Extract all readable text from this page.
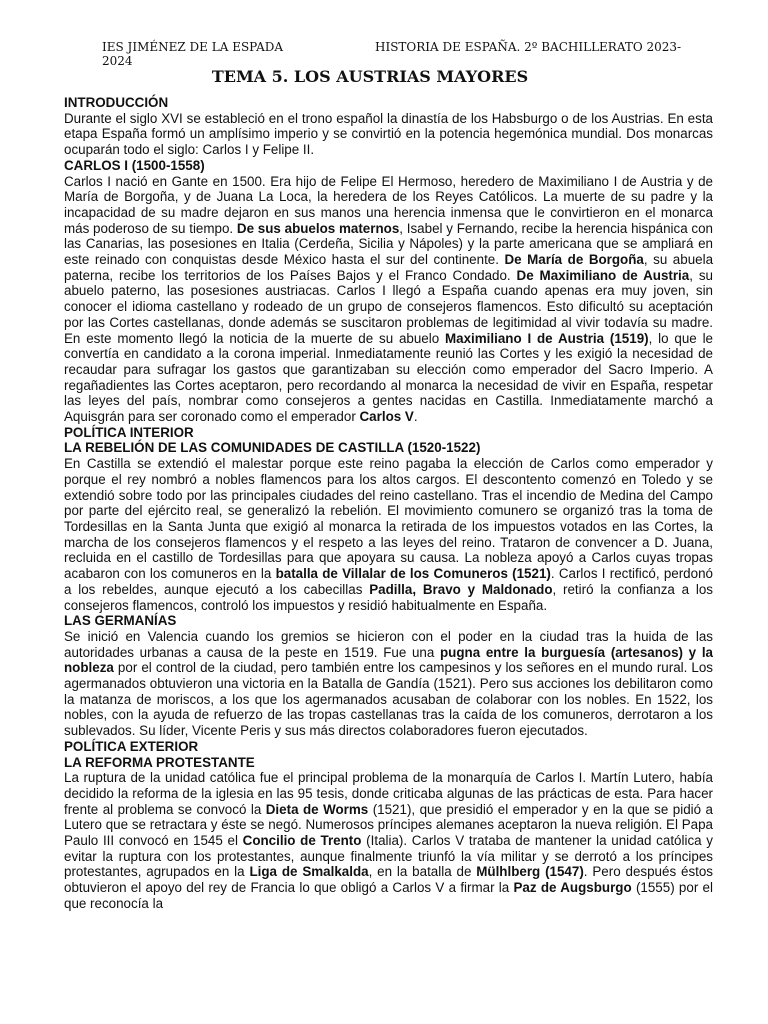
IES JIMÉNEZ DE LA ESPADA	HISTORIA DE ESPAÑA. 2º BACHILLERATO 2023-
2024
TEMA 5. LOS AUSTRIAS MAYORES
INTRODUCCIÓN

Durante el siglo XVI se estableció en el trono español la dinastía de los Habsburgo o de los Austrias. En esta etapa España formó un amplísimo imperio y se convirtió en la potencia hegemónica mundial. Dos monarcas ocuparán todo el siglo: Carlos I y Felipe II.

CARLOS I (1500-1558)

Carlos I nació en Gante en 1500. Era hijo de Felipe El Hermoso, heredero de Maximiliano I de Austria y de María de Borgoña, y de Juana La Loca, la heredera de los Reyes Católicos. La muerte de su padre y la incapacidad de su madre dejaron en sus manos una herencia inmensa que le convirtieron en el monarca más poderoso de su tiempo. De sus abuelos maternos, Isabel y Fernando, recibe la herencia hispánica con las Canarias, las posesiones en Italia (Cerdeña, Sicilia y Nápoles) y la parte americana que se ampliará en este reinado con conquistas desde México hasta el sur del continente. De María de Borgoña, su abuela paterna, recibe los territorios de los Países Bajos y el Franco Condado. De Maximiliano de Austria, su abuelo paterno, las posesiones austriacas. Carlos I llegó a España cuando apenas era muy joven, sin conocer el idioma castellano y rodeado de un grupo de consejeros flamencos. Esto dificultó su aceptación por las Cortes castellanas, donde además se suscitaron problemas de legitimidad al vivir todavía su madre. En este momento llegó la noticia de la muerte de su abuelo Maximiliano I de Austria (1519), lo que le convertía en candidato a la corona imperial. Inmediatamente reunió las Cortes y les exigió la necesidad de recaudar para sufragar los gastos que garantizaban su elección como emperador del Sacro Imperio. A regañadientes las Cortes aceptaron, pero recordando al monarca la necesidad de vivir en España, respetar las leyes del país, nombrar como consejeros a gentes nacidas en Castilla. Inmediatamente marchó a Aquisgrán para ser coronado como el emperador Carlos V.

POLÍTICA INTERIOR
LA REBELIÓN DE LAS COMUNIDADES DE CASTILLA (1520-1522)

En Castilla se extendió el malestar porque este reino pagaba la elección de Carlos como emperador y porque el rey nombró a nobles flamencos para los altos cargos. El descontento comenzó en Toledo y se extendió sobre todo por las principales ciudades del reino castellano. Tras el incendio de Medina del Campo por parte del ejército real, se generalizó la rebelión. El movimiento comunero se organizó tras la toma de Tordesillas en la Santa Junta que exigió al monarca la retirada de los impuestos votados en las Cortes, la marcha de los consejeros flamencos y el respeto a las leyes del reino. Trataron de convencer a D. Juana, recluida en el castillo de Tordesillas para que apoyara su causa. La nobleza apoyó a Carlos cuyas tropas acabaron con los comuneros en la batalla de Villalar de los Comuneros (1521). Carlos I rectificó, perdonó a los rebeldes, aunque ejecutó a los cabecillas Padilla, Bravo y Maldonado, retiró la confianza a los consejeros flamencos, controló los impuestos y residió habitualmente en España.

LAS GERMANÍAS

Se inició en Valencia cuando los gremios se hicieron con el poder en la ciudad tras la huida de las autoridades urbanas a causa de la peste en 1519. Fue una pugna entre la burguesía (artesanos) y la nobleza por el control de la ciudad, pero también entre los campesinos y los señores en el mundo rural. Los agermanados obtuvieron una victoria en la Batalla de Gandía (1521). Pero sus acciones los debilitaron como la matanza de moriscos, a los que los agermanados acusaban de colaborar con los nobles. En 1522, los nobles, con la ayuda de refuerzo de las tropas castellanas tras la caída de los comuneros, derrotaron a los sublevados. Su líder, Vicente Peris y sus más directos colaboradores fueron ejecutados.

POLÍTICA EXTERIOR
LA REFORMA PROTESTANTE

La ruptura de la unidad católica fue el principal problema de la monarquía de Carlos I. Martín Lutero, había decidido la reforma de la iglesia en las 95 tesis, donde criticaba algunas de las prácticas de esta. Para hacer frente al problema se convocó la Dieta de Worms (1521), que presidió el emperador y en la que se pidió a Lutero que se retractara y éste se negó. Numerosos príncipes alemanes aceptaron la nueva religión. El Papa Paulo III convocó en 1545 el Concilio de Trento (Italia). Carlos V trataba de mantener la unidad católica y evitar la ruptura con los protestantes, aunque finalmente triunfó la vía militar y se derrotó a los príncipes protestantes, agrupados en la Liga de Smalkalda, en la batalla de Mülhlberg (1547). Pero después éstos obtuvieron el apoyo del rey de Francia lo que obligó a Carlos V a firmar la Paz de Augsburgo (1555) por el que reconocía la
